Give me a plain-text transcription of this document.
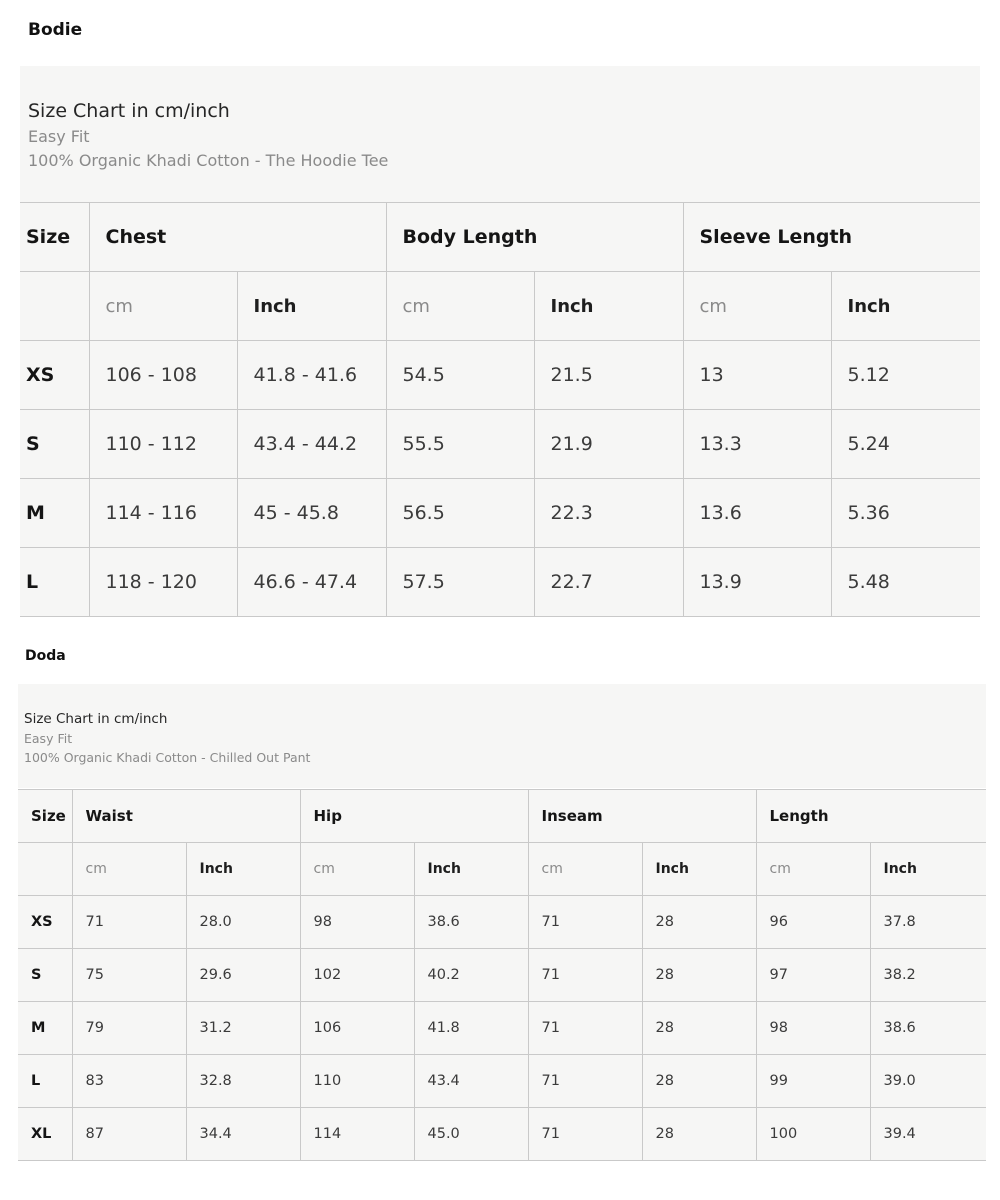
Bodie
Size Chart in cm/inch
Easy Fit
100% Organic Khadi Cotton - The Hoodie Tee
Size	Chest		Body Length		Sleeve Length	
	cm	Inch	cm	Inch	cm	Inch
XS	106 - 108	41.8 - 41.6	54.5	21.5	13	5.12
S	110 - 112	43.4 - 44.2	55.5	21.9	13.3	5.24
M	114 - 116	45 - 45.8	56.5	22.3	13.6	5.36
L	118 - 120	46.6 - 47.4	57.5	22.7	13.9	5.48
Doda
Size Chart in cm/inch
Easy Fit
100% Organic Khadi Cotton - Chilled Out Pant
Size	Waist		Hip		Inseam		Length	
	cm	Inch	cm	Inch	cm	Inch	cm	Inch
XS	71	28.0	98	38.6	71	28	96	37.8
S	75	29.6	102	40.2	71	28	97	38.2
M	79	31.2	106	41.8	71	28	98	38.6
L	83	32.8	110	43.4	71	28	99	39.0
XL	87	34.4	114	45.0	71	28	100	39.4
